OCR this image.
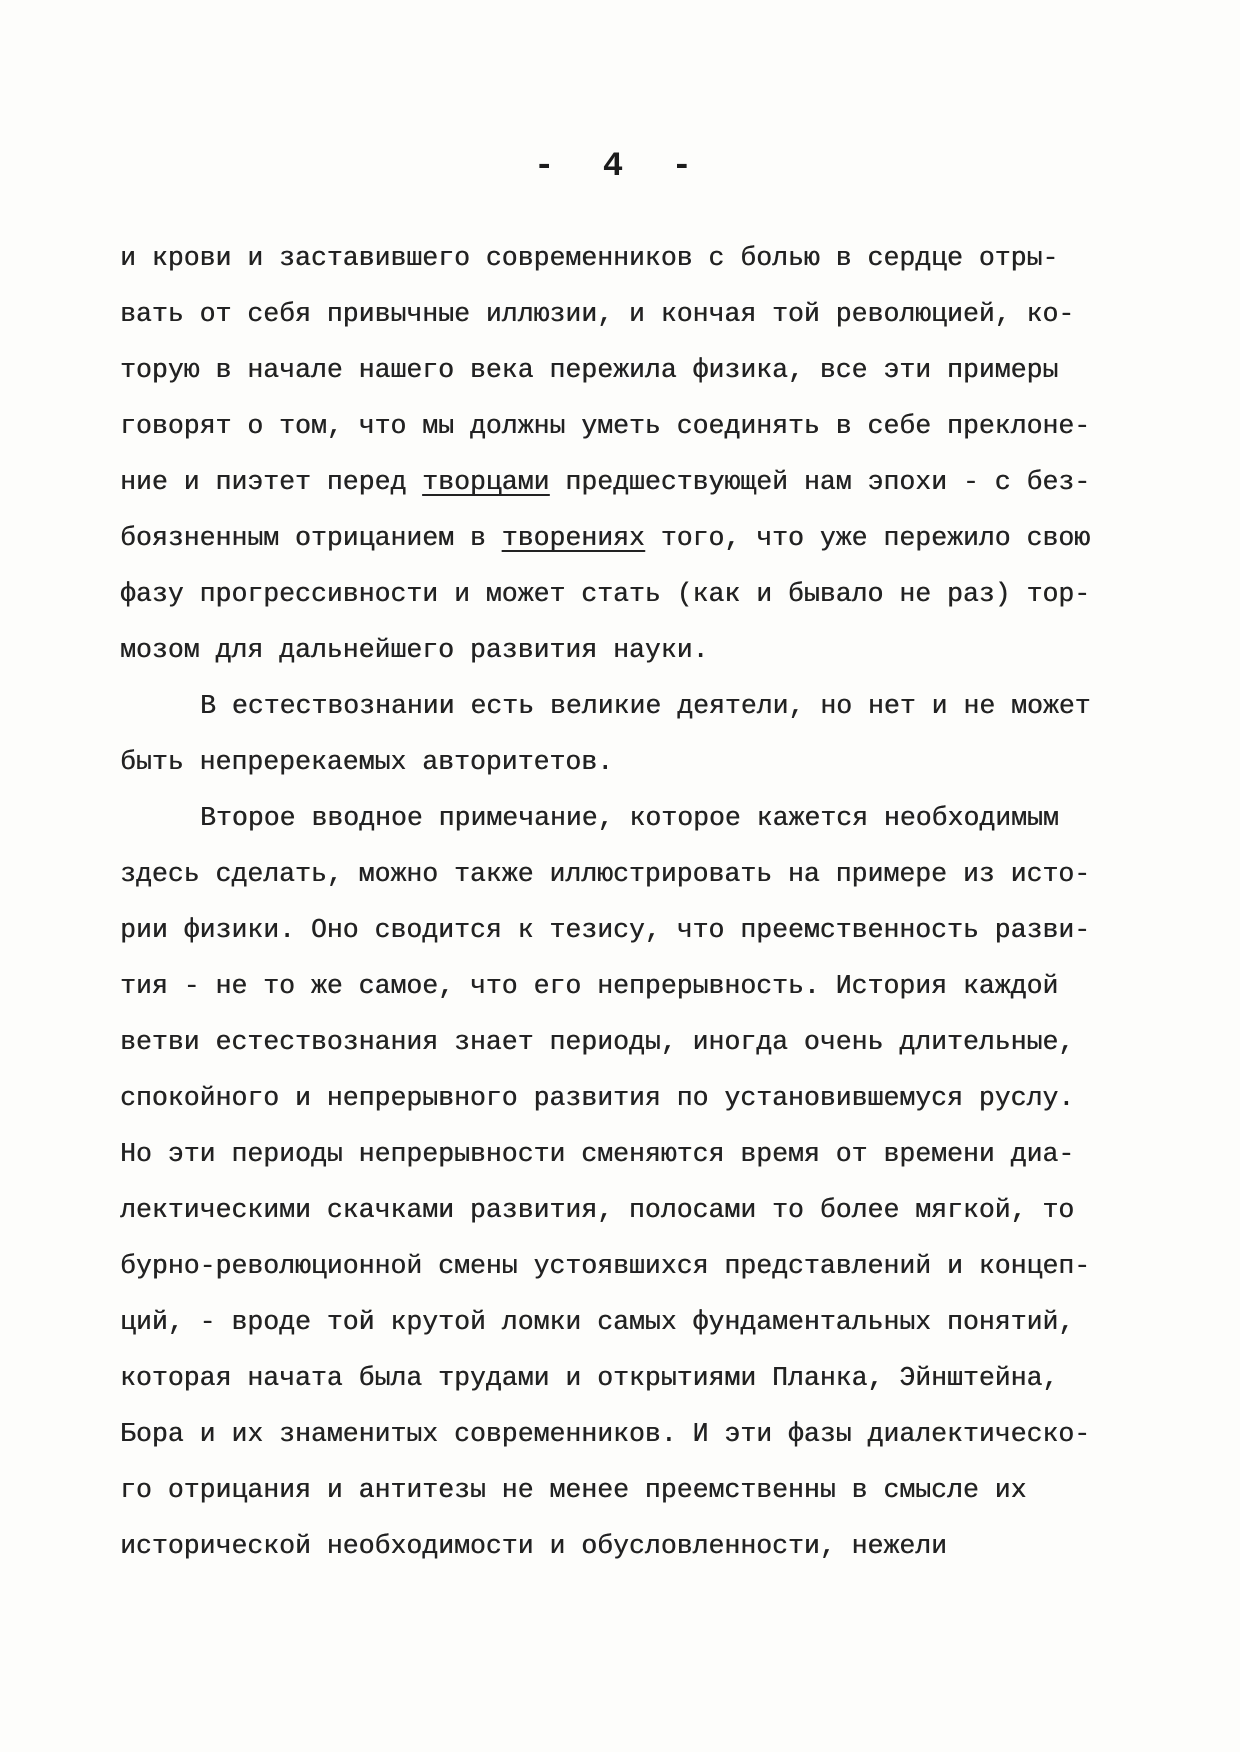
- 4 -
и крови и заставившего современников с болью в сердце отры-
вать от себя привычные иллюзии, и кончая той революцией, ко-
торую в начале нашего века пережила физика, все эти примеры
говорят о том, что мы должны уметь соединять в себе преклоне-
ние и пиэтет перед творцами предшествующей нам эпохи - с без-
боязненным отрицанием в творениях того, что уже пережило свою
фазу прогрессивности и может стать (как и бывало не раз) тор-
мозом для дальнейшего развития науки.
В естествознании есть великие деятели, но нет и не может
быть непререкаемых авторитетов.
Второе вводное примечание, которое кажется необходимым
здесь сделать, можно также иллюстрировать на примере из исто-
рии физики. Оно сводится к тезису, что преемственность разви-
тия - не то же самое, что его непрерывность. История каждой
ветви естествознания знает периоды, иногда очень длительные,
спокойного и непрерывного развития по установившемуся руслу.
Но эти периоды непрерывности сменяются время от времени диа-
лектическими скачками развития, полосами то более мягкой, то
бурно-революционной смены устоявшихся представлений и концеп-
ций, - вроде той крутой ломки самых фундаментальных понятий,
которая начата была трудами и открытиями Планка, Эйнштейна,
Бора и их знаменитых современников. И эти фазы диалектическо-
го отрицания и антитезы не менее преемственны в смысле их
исторической необходимости и обусловленности, нежели
